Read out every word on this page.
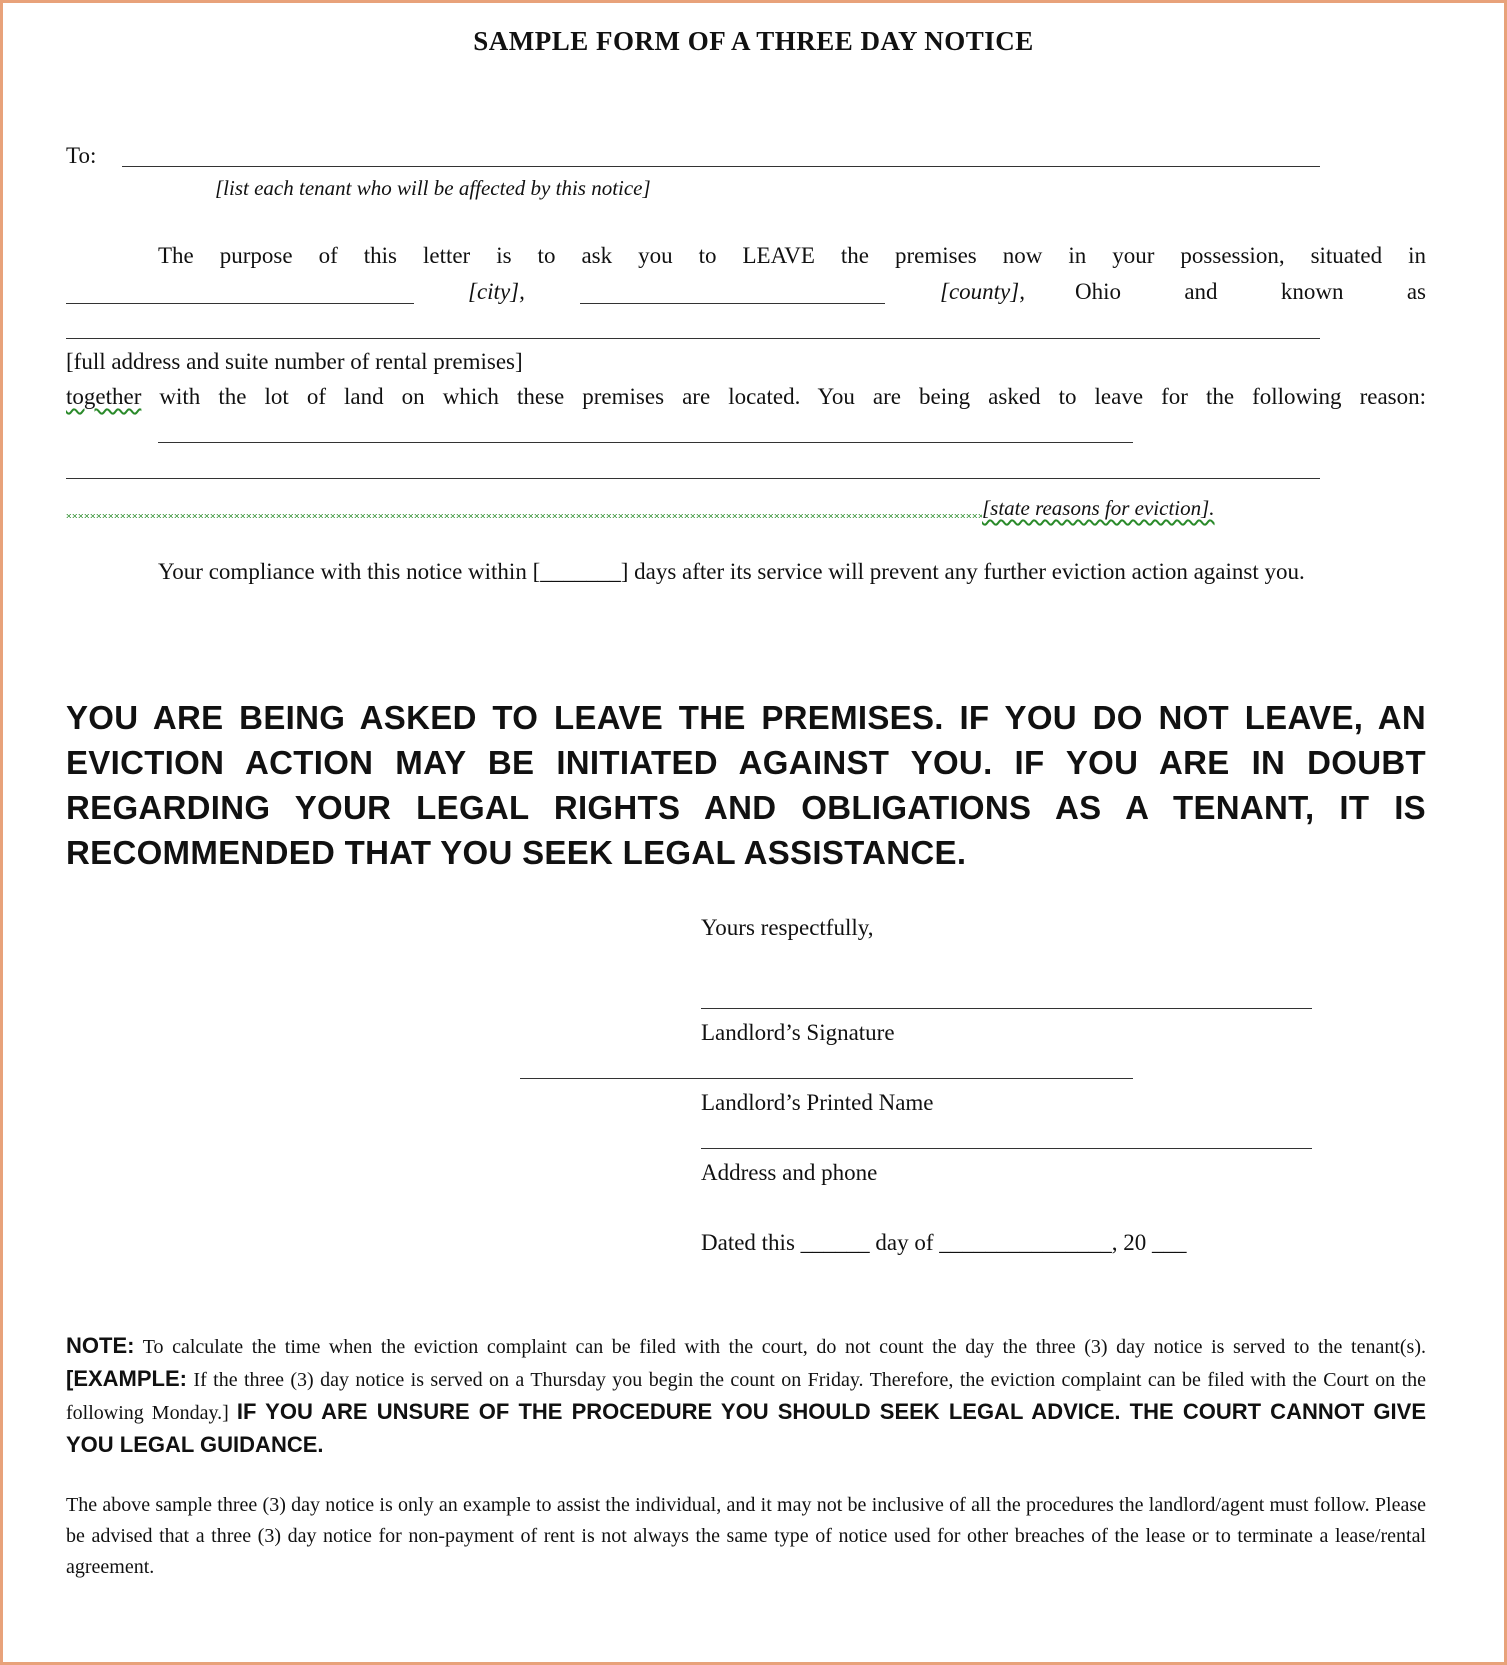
SAMPLE FORM OF A THREE DAY NOTICE
To:
[list each tenant who will be affected by this notice]
The purpose of this letter is to ask you to LEAVE the premises now in your possession, situated in
[city],	[county], Ohio and known as
[full address and suite number of rental premises]
together with the lot of land on which these premises are located. You are being asked to leave for the following reason:
[state reasons for eviction].
Your compliance with this notice within [_______] days after its service will prevent any further eviction action against you.
YOU ARE BEING ASKED TO LEAVE THE PREMISES. IF YOU DO NOT LEAVE, AN EVICTION ACTION MAY BE INITIATED AGAINST YOU. IF YOU ARE IN DOUBT REGARDING YOUR LEGAL RIGHTS AND OBLIGATIONS AS A TENANT, IT IS RECOMMENDED THAT YOU SEEK LEGAL ASSISTANCE.
Yours respectfully,
Landlord’s Signature
Landlord’s Printed Name
Address and phone
Dated this ______ day of _______________, 20 ___
NOTE: To calculate the time when the eviction complaint can be filed with the court, do not count the day the three (3) day notice is served to the tenant(s). [EXAMPLE: If the three (3) day notice is served on a Thursday you begin the count on Friday. Therefore, the eviction complaint can be filed with the Court on the following Monday.] IF YOU ARE UNSURE OF THE PROCEDURE YOU SHOULD SEEK LEGAL ADVICE. THE COURT CANNOT GIVE YOU LEGAL GUIDANCE.
The above sample three (3) day notice is only an example to assist the individual, and it may not be inclusive of all the procedures the landlord/agent must follow. Please be advised that a three (3) day notice for non-payment of rent is not always the same type of notice used for other breaches of the lease or to terminate a lease/rental agreement.
